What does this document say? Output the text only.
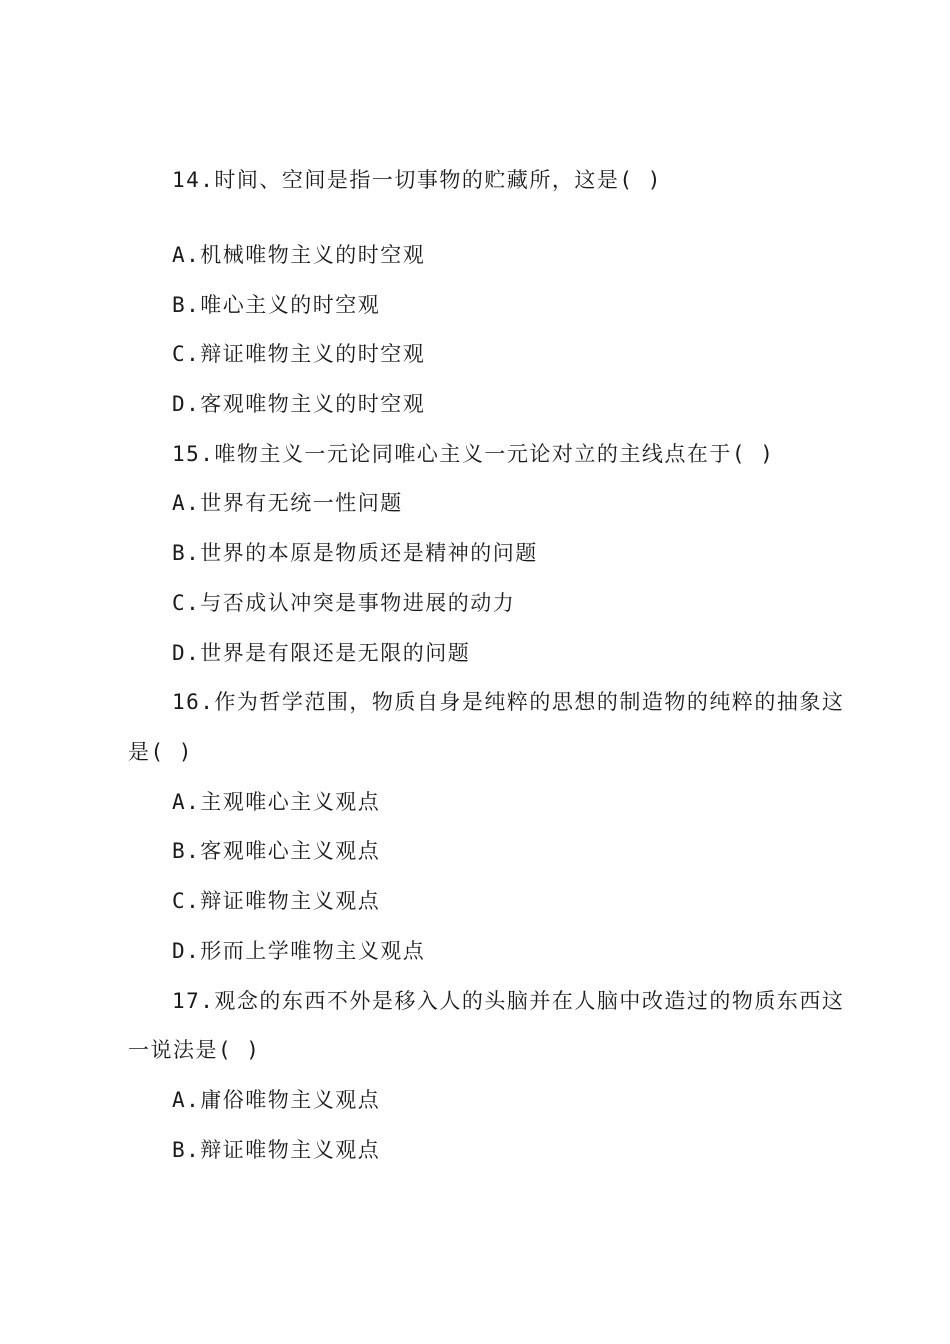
14.时间、空间是指一切事物的贮藏所，这是( )
A.机械唯物主义的时空观
B.唯心主义的时空观
C.辩证唯物主义的时空观
D.客观唯物主义的时空观
15.唯物主义一元论同唯心主义一元论对立的主线点在于( )
A.世界有无统一性问题
B.世界的本原是物质还是精神的问题
C.与否成认冲突是事物进展的动力
D.世界是有限还是无限的问题
16.作为哲学范围，物质自身是纯粹的思想的制造物的纯粹的抽象这
是( )
A.主观唯心主义观点
B.客观唯心主义观点
C.辩证唯物主义观点
D.形而上学唯物主义观点
17.观念的东西不外是移入人的头脑并在人脑中改造过的物质东西这
一说法是( )
A.庸俗唯物主义观点
B.辩证唯物主义观点
